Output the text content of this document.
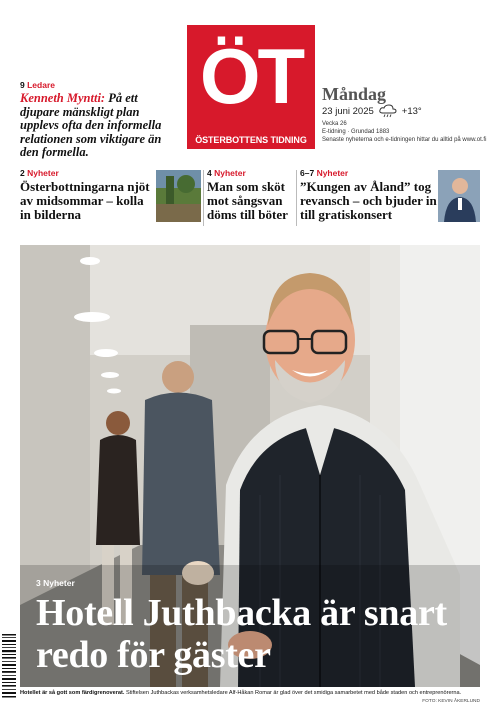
ÖT
ÖSTERBOTTENS TIDNING
9 Ledare
Kenneth Myntti: På ett djupare mänskligt plan upplevs ofta den informella relationen som viktigare än den formella.
Måndag
23 juni 2025	+13°
Vecka 26
E-tidning · Grundad 1883
Senaste nyheterna och e-tidningen hittar du alltid på www.ot.fi
2 Nyheter
Österbottningarna njöt av midsommar – kolla in bilderna
4 Nyheter
Man som sköt mot sångsvan döms till böter
6–7 Nyheter
”Kungen av Åland” tog revansch – och bjuder in till gratiskonsert
3 Nyheter
Hotell Juthbacka är snart redo för gäster
Hotellet är så gott som färdigrenoverat. Stiftelsen Juthbackas verksamhetsledare Alf-Håkan Romar är glad över det smidiga samarbetet med både staden och entreprenörerna.
FOTO: KEVIN ÅKERLUND
